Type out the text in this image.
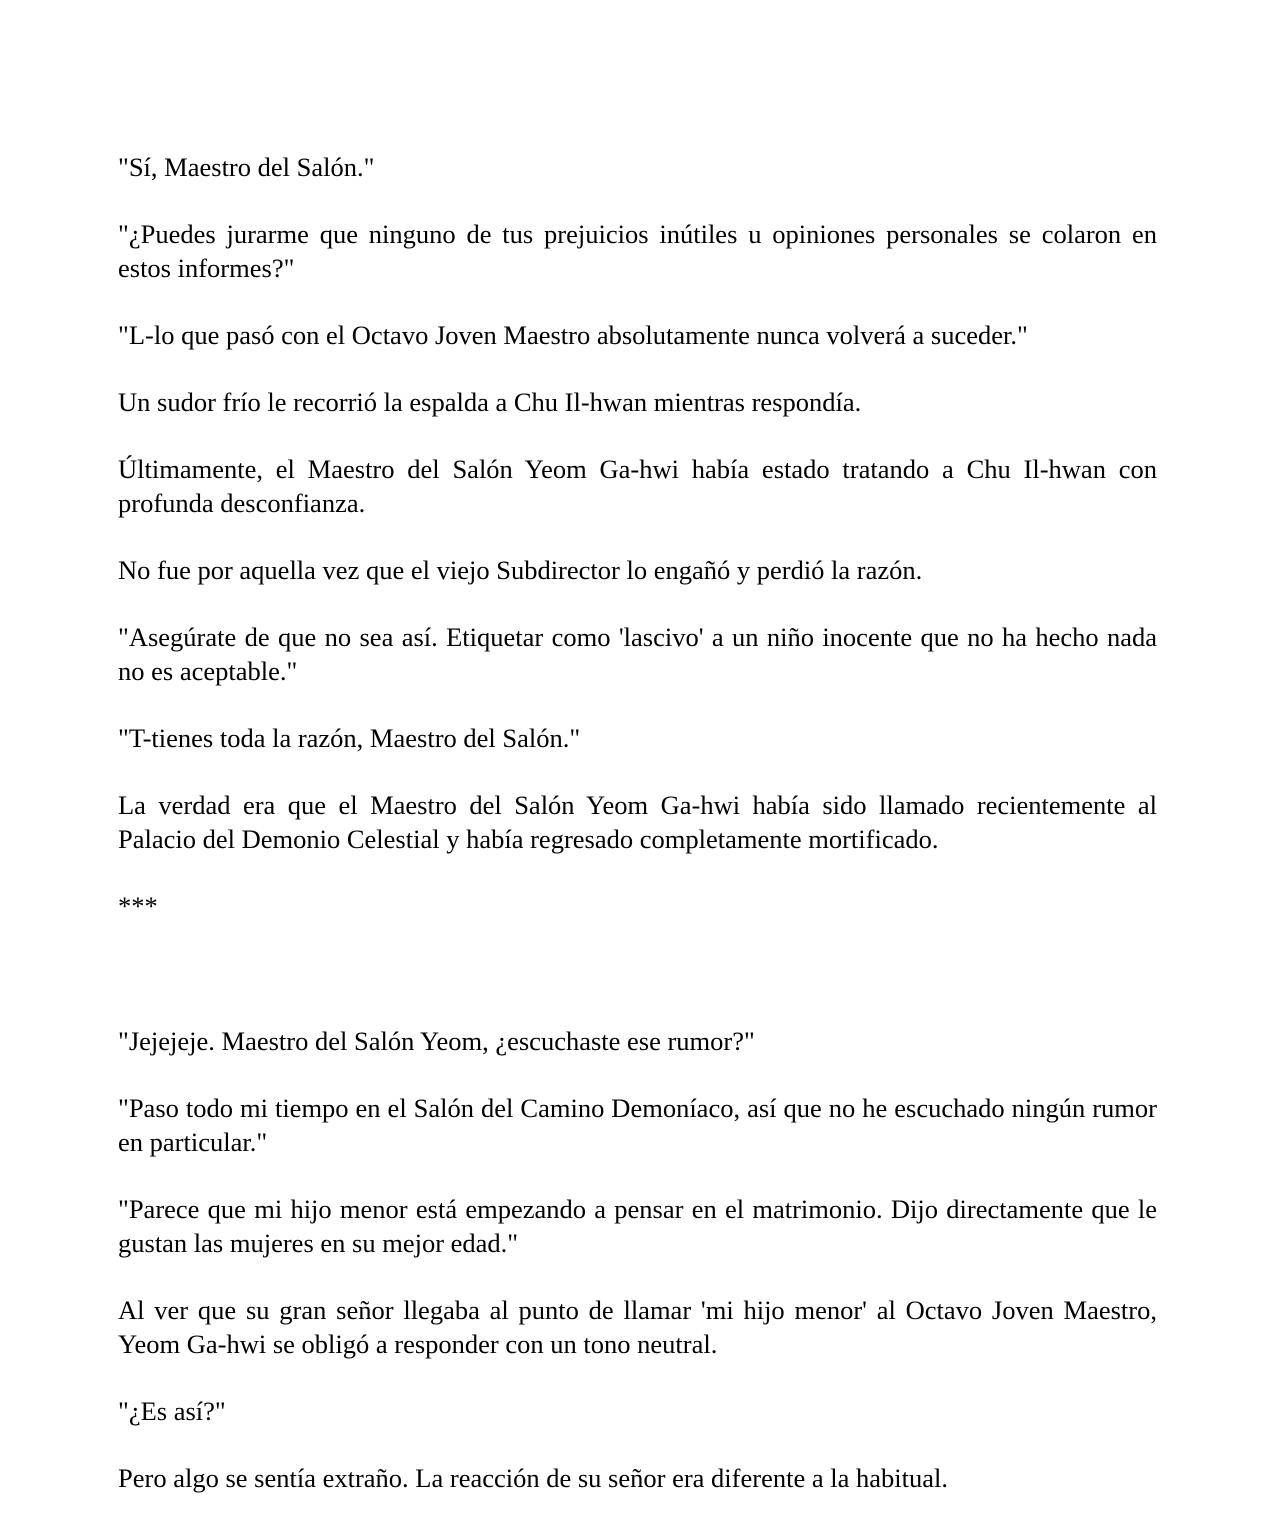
"Sí, Maestro del Salón."

"¿Puedes jurarme que ninguno de tus prejuicios inútiles u opiniones personales se colaron en estos informes?"

"L-lo que pasó con el Octavo Joven Maestro absolutamente nunca volverá a suceder."

Un sudor frío le recorrió la espalda a Chu Il-hwan mientras respondía.

Últimamente, el Maestro del Salón Yeom Ga-hwi había estado tratando a Chu Il-hwan con profunda desconfianza.

No fue por aquella vez que el viejo Subdirector lo engañó y perdió la razón.

"Asegúrate de que no sea así. Etiquetar como 'lascivo' a un niño inocente que no ha hecho nada no es aceptable."

"T-tienes toda la razón, Maestro del Salón."

La verdad era que el Maestro del Salón Yeom Ga-hwi había sido llamado recientemente al Palacio del Demonio Celestial y había regresado completamente mortificado.

***

"Jejejeje. Maestro del Salón Yeom, ¿escuchaste ese rumor?"

"Paso todo mi tiempo en el Salón del Camino Demoníaco, así que no he escuchado ningún rumor en particular."

"Parece que mi hijo menor está empezando a pensar en el matrimonio. Dijo directamente que le gustan las mujeres en su mejor edad."

Al ver que su gran señor llegaba al punto de llamar 'mi hijo menor' al Octavo Joven Maestro, Yeom Ga-hwi se obligó a responder con un tono neutral.

"¿Es así?"

Pero algo se sentía extraño. La reacción de su señor era diferente a la habitual.
